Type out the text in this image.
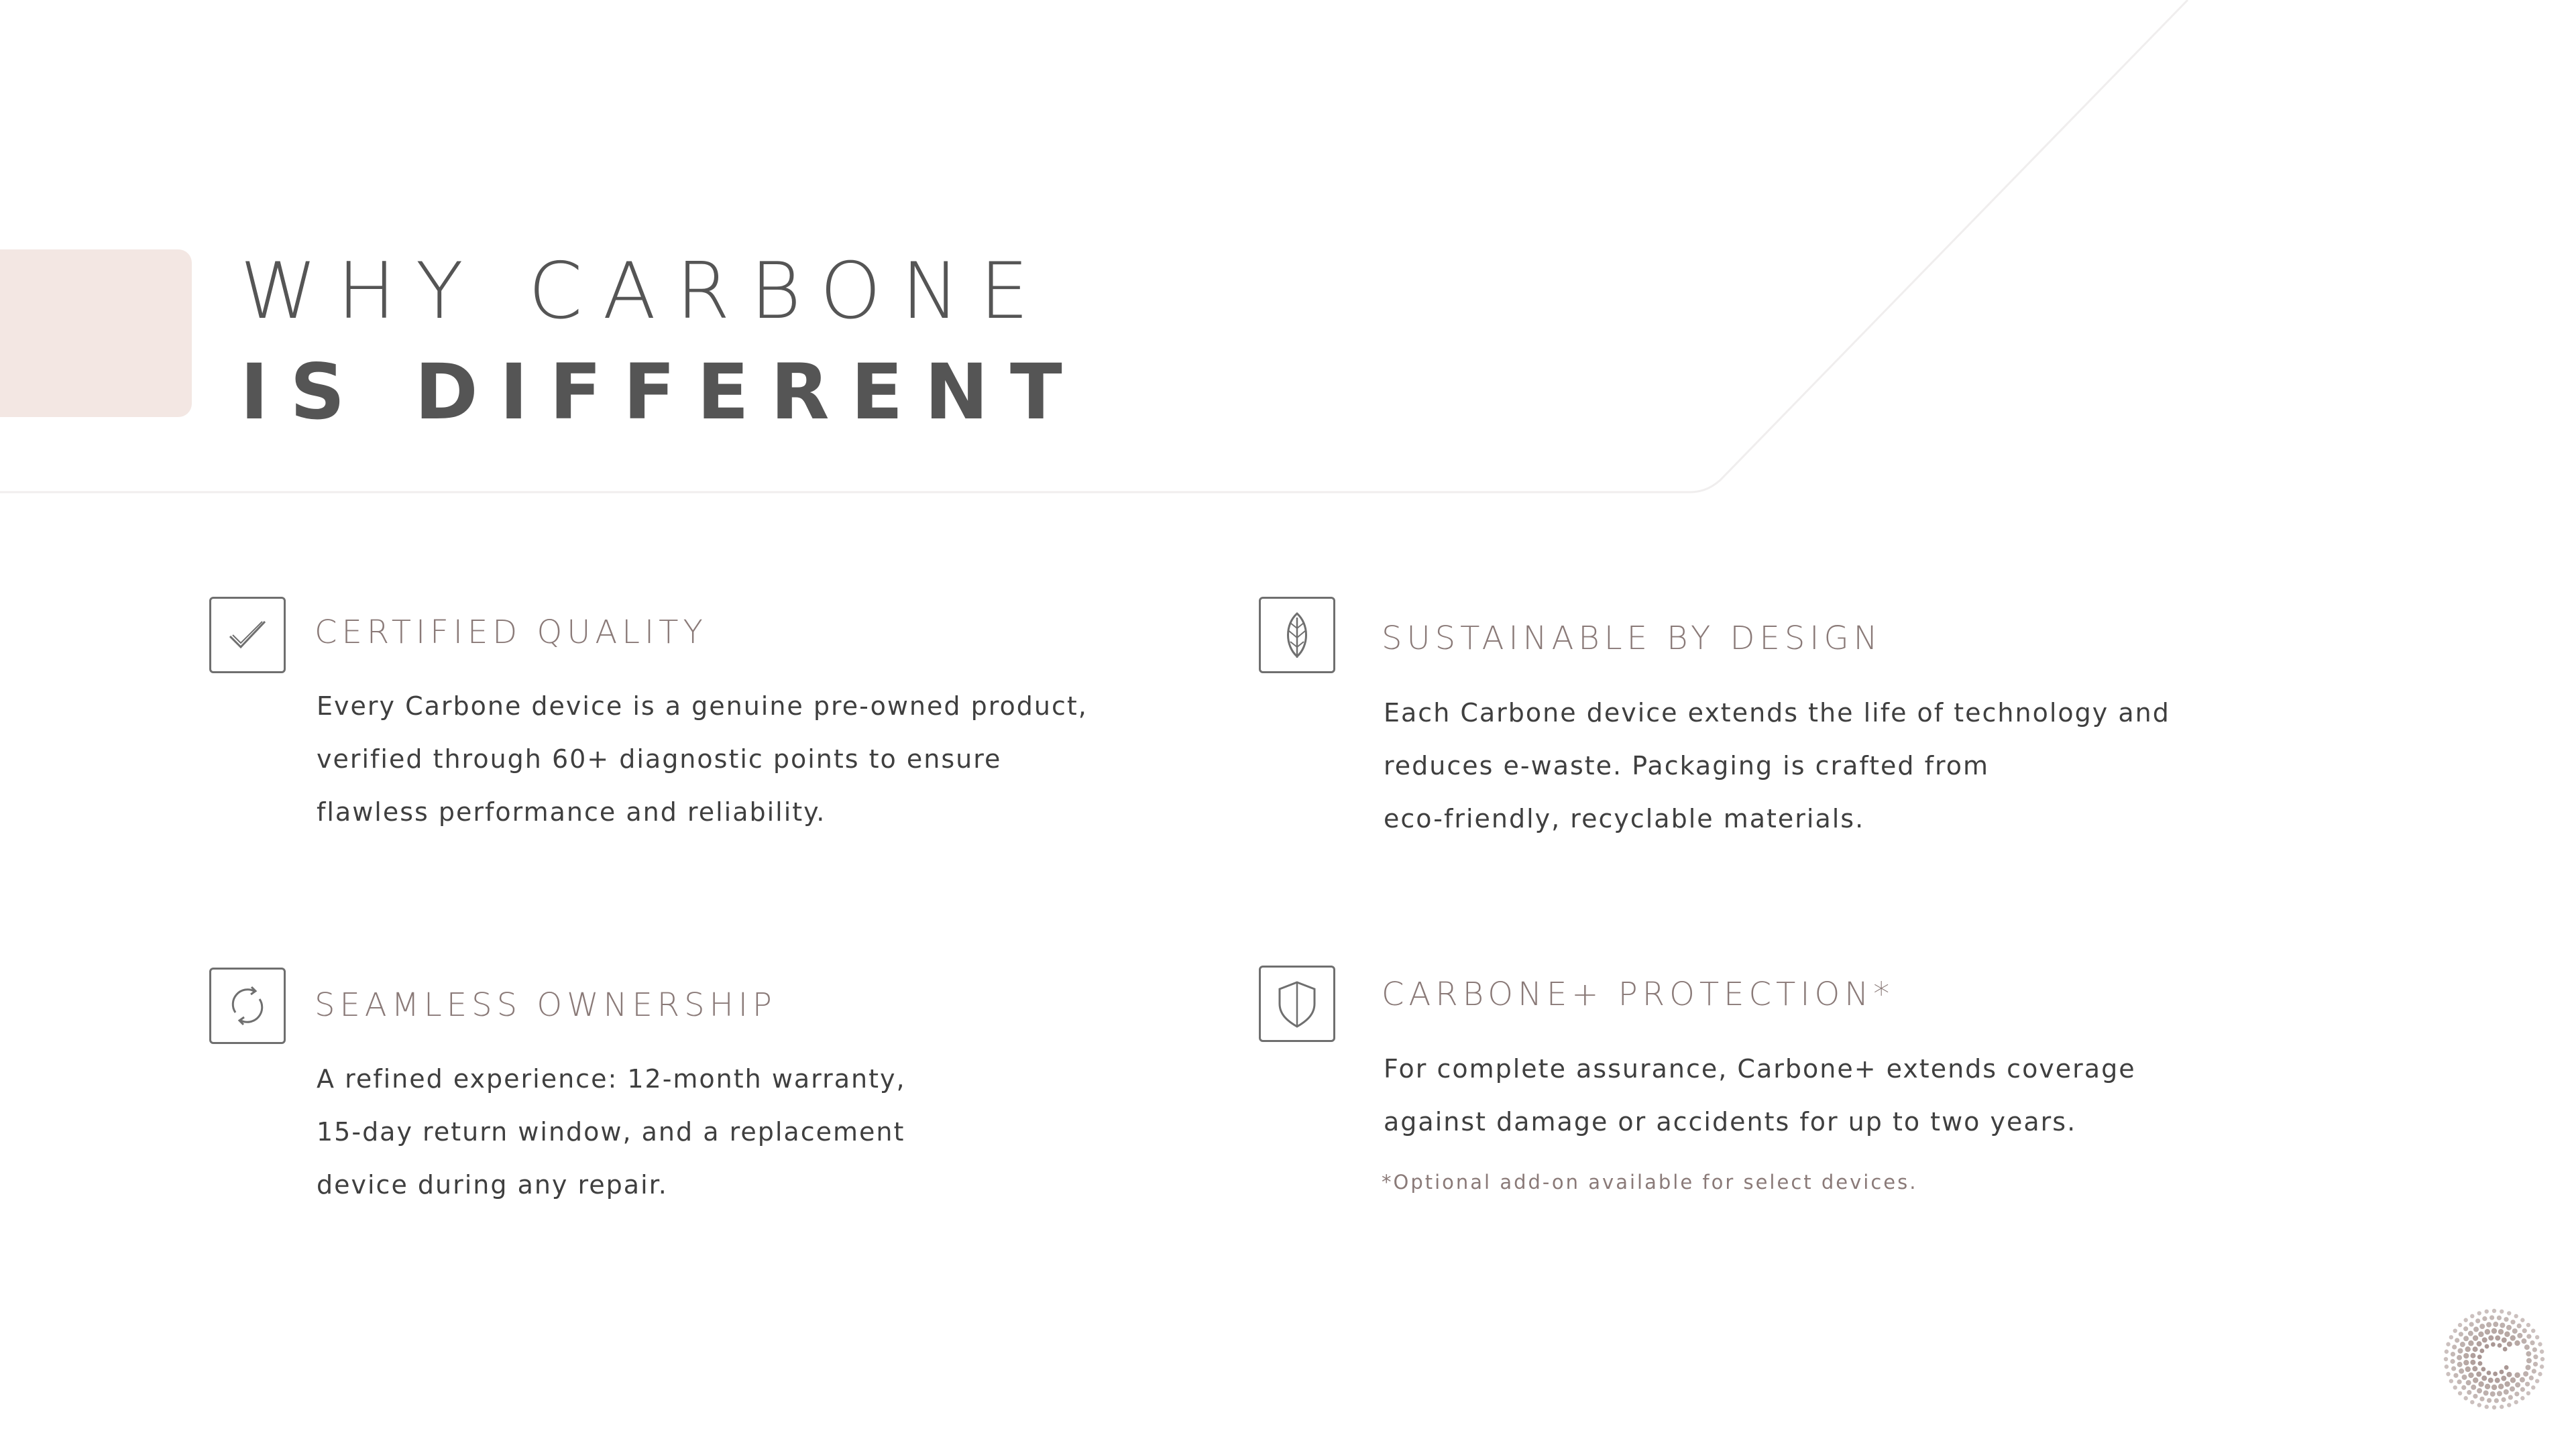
WHY CARBONE
IS DIFFERENT
CERTIFIED QUALITY
Every Carbone device is a genuine pre-owned product,
verified through 60+ diagnostic points to ensure
flawless performance and reliability.
SUSTAINABLE BY DESIGN
Each Carbone device extends the life of technology and
reduces e-waste. Packaging is crafted from
eco-friendly, recyclable materials.
SEAMLESS OWNERSHIP
A refined experience: 12-month warranty,
15-day return window, and a replacement
device during any repair.
CARBONE+ PROTECTION*
For complete assurance, Carbone+ extends coverage
against damage or accidents for up to two years.
*Optional add-on available for select devices.
